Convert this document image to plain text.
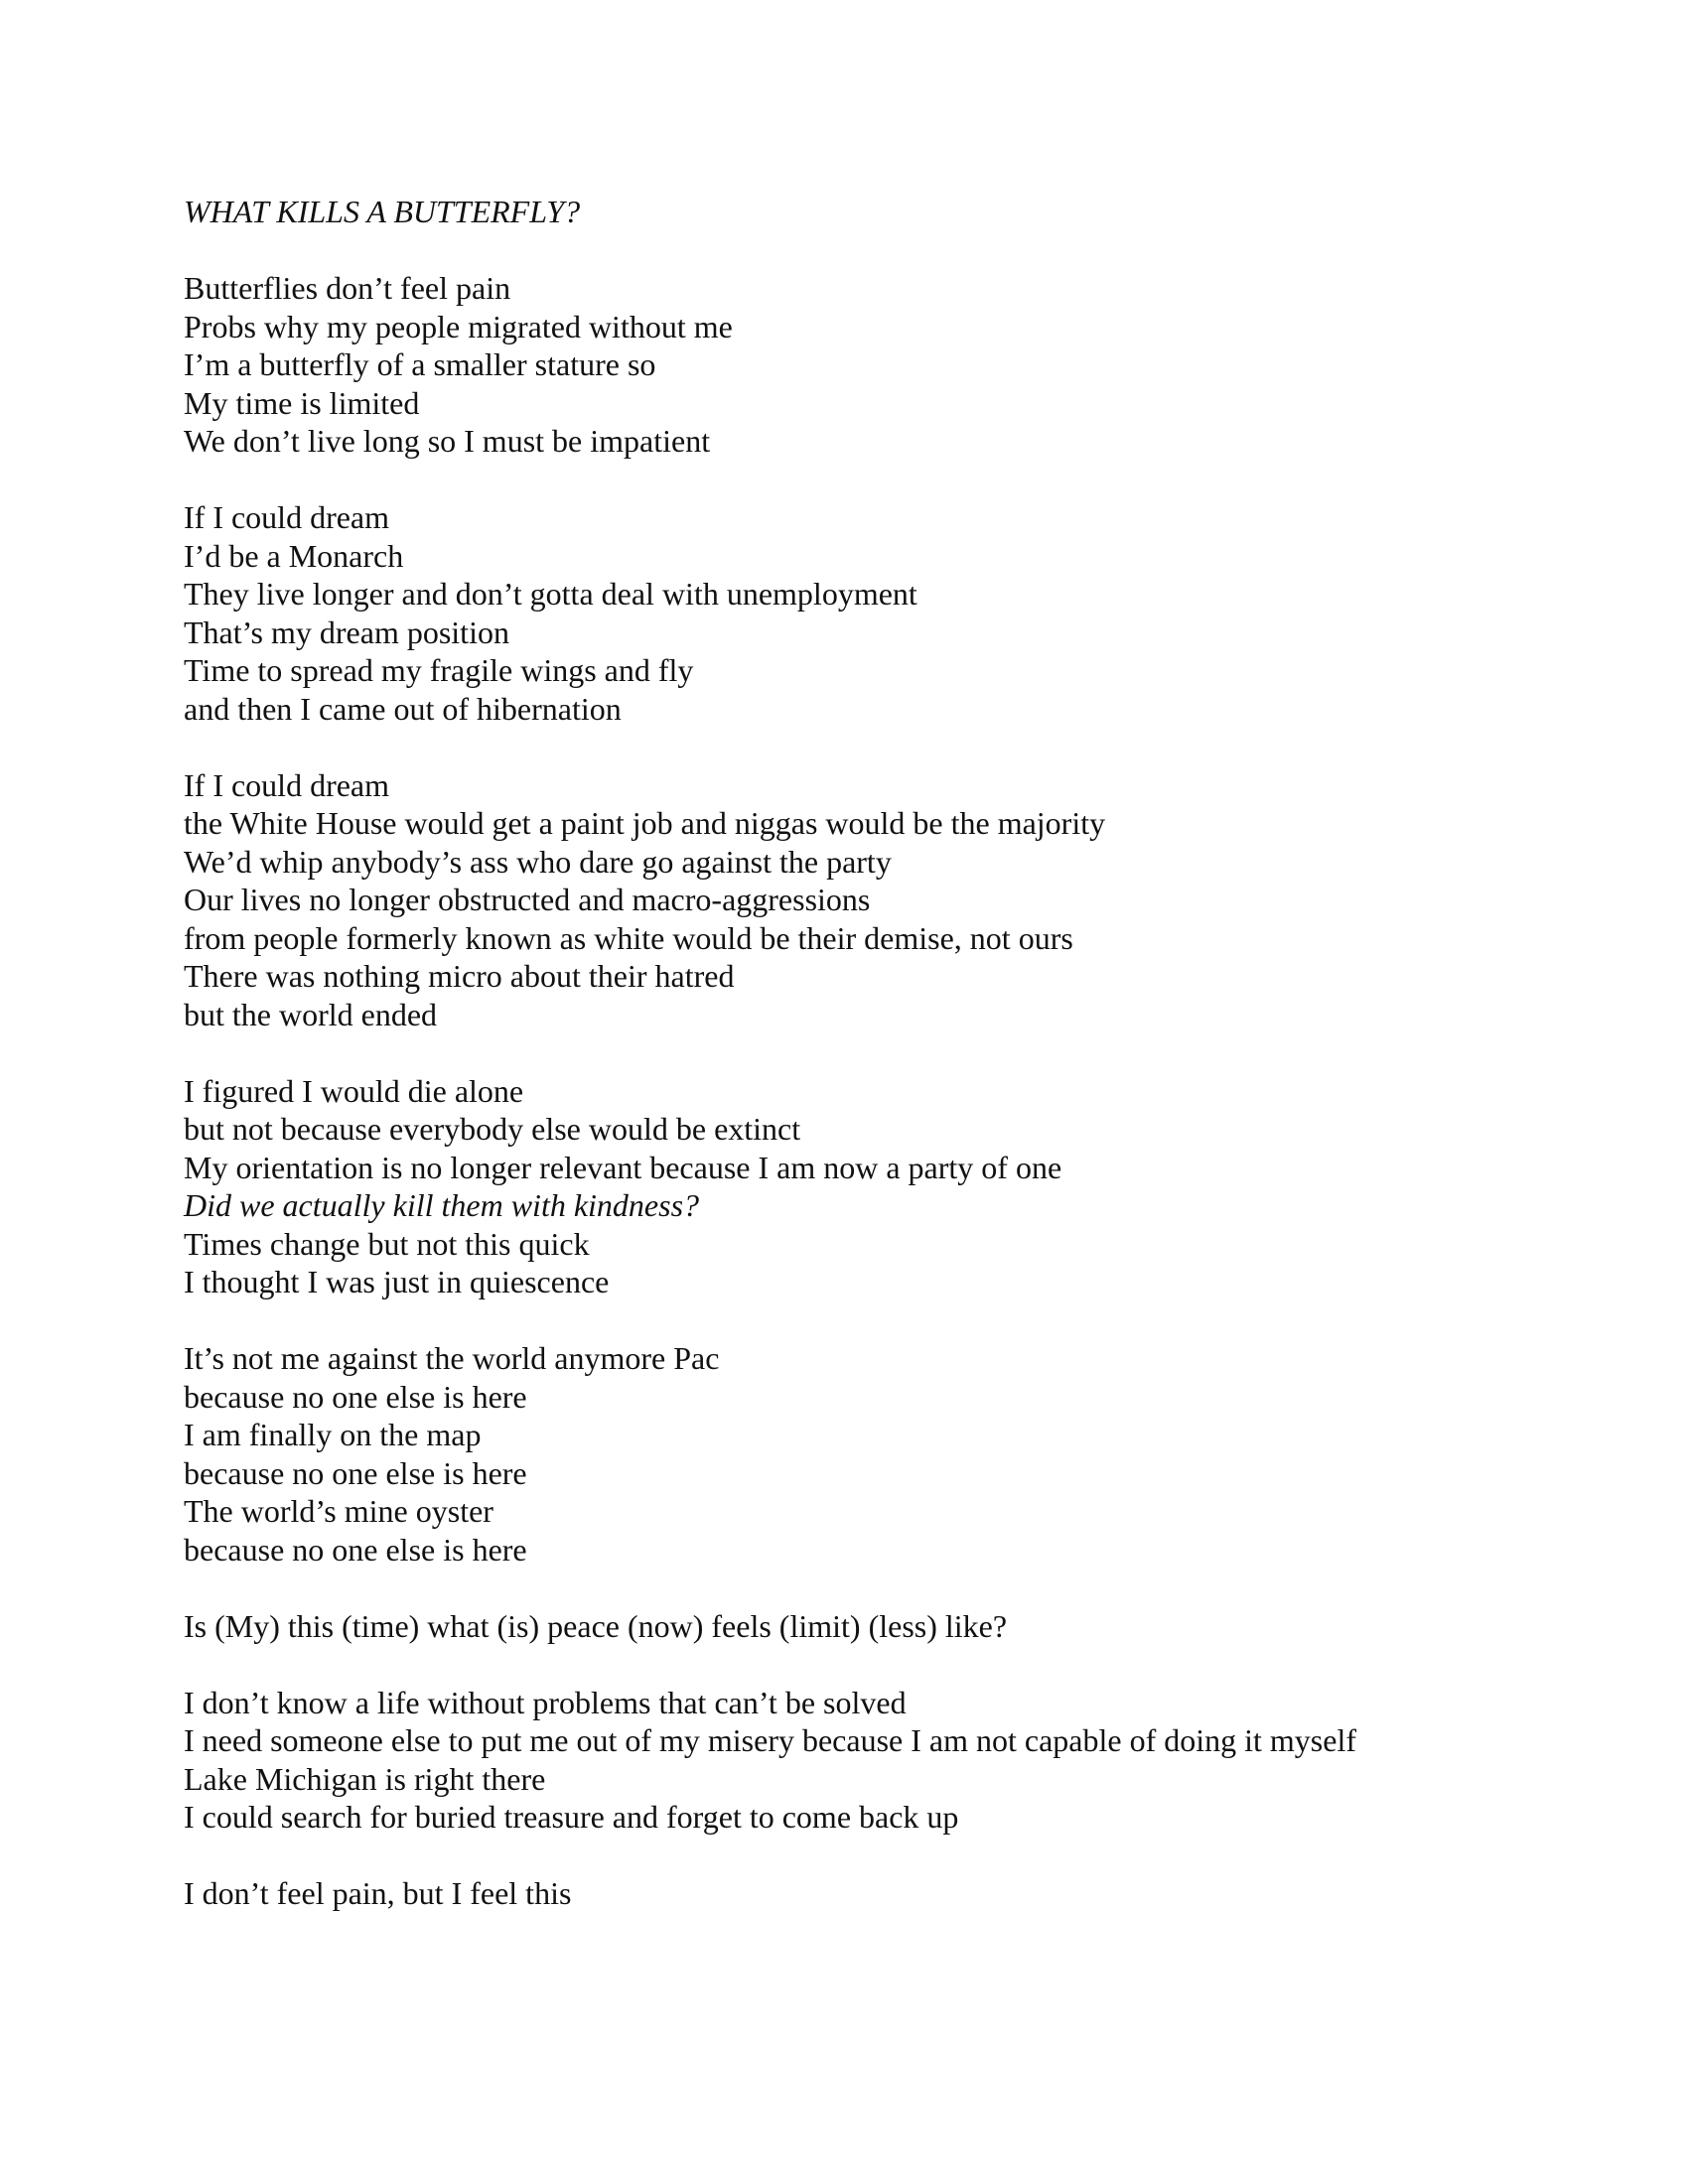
WHAT KILLS A BUTTERFLY?
Butterflies don’t feel pain
Probs why my people migrated without me
I’m a butterfly of a smaller stature so
My time is limited
We don’t live long so I must be impatient
If I could dream
I’d be a Monarch
They live longer and don’t gotta deal with unemployment
That’s my dream position
Time to spread my fragile wings and fly
and then I came out of hibernation
If I could dream
the White House would get a paint job and niggas would be the majority
We’d whip anybody’s ass who dare go against the party
Our lives no longer obstructed and macro-aggressions
from people formerly known as white would be their demise, not ours
There was nothing micro about their hatred
but the world ended
I figured I would die alone
but not because everybody else would be extinct
My orientation is no longer relevant because I am now a party of one
Did we actually kill them with kindness?
Times change but not this quick
I thought I was just in quiescence
It’s not me against the world anymore Pac
because no one else is here
I am finally on the map
because no one else is here
The world’s mine oyster
because no one else is here
Is (My) this (time) what (is) peace (now) feels (limit) (less) like?
I don’t know a life without problems that can’t be solved
I need someone else to put me out of my misery because I am not capable of doing it myself
Lake Michigan is right there
I could search for buried treasure and forget to come back up
I don’t feel pain, but I feel this
